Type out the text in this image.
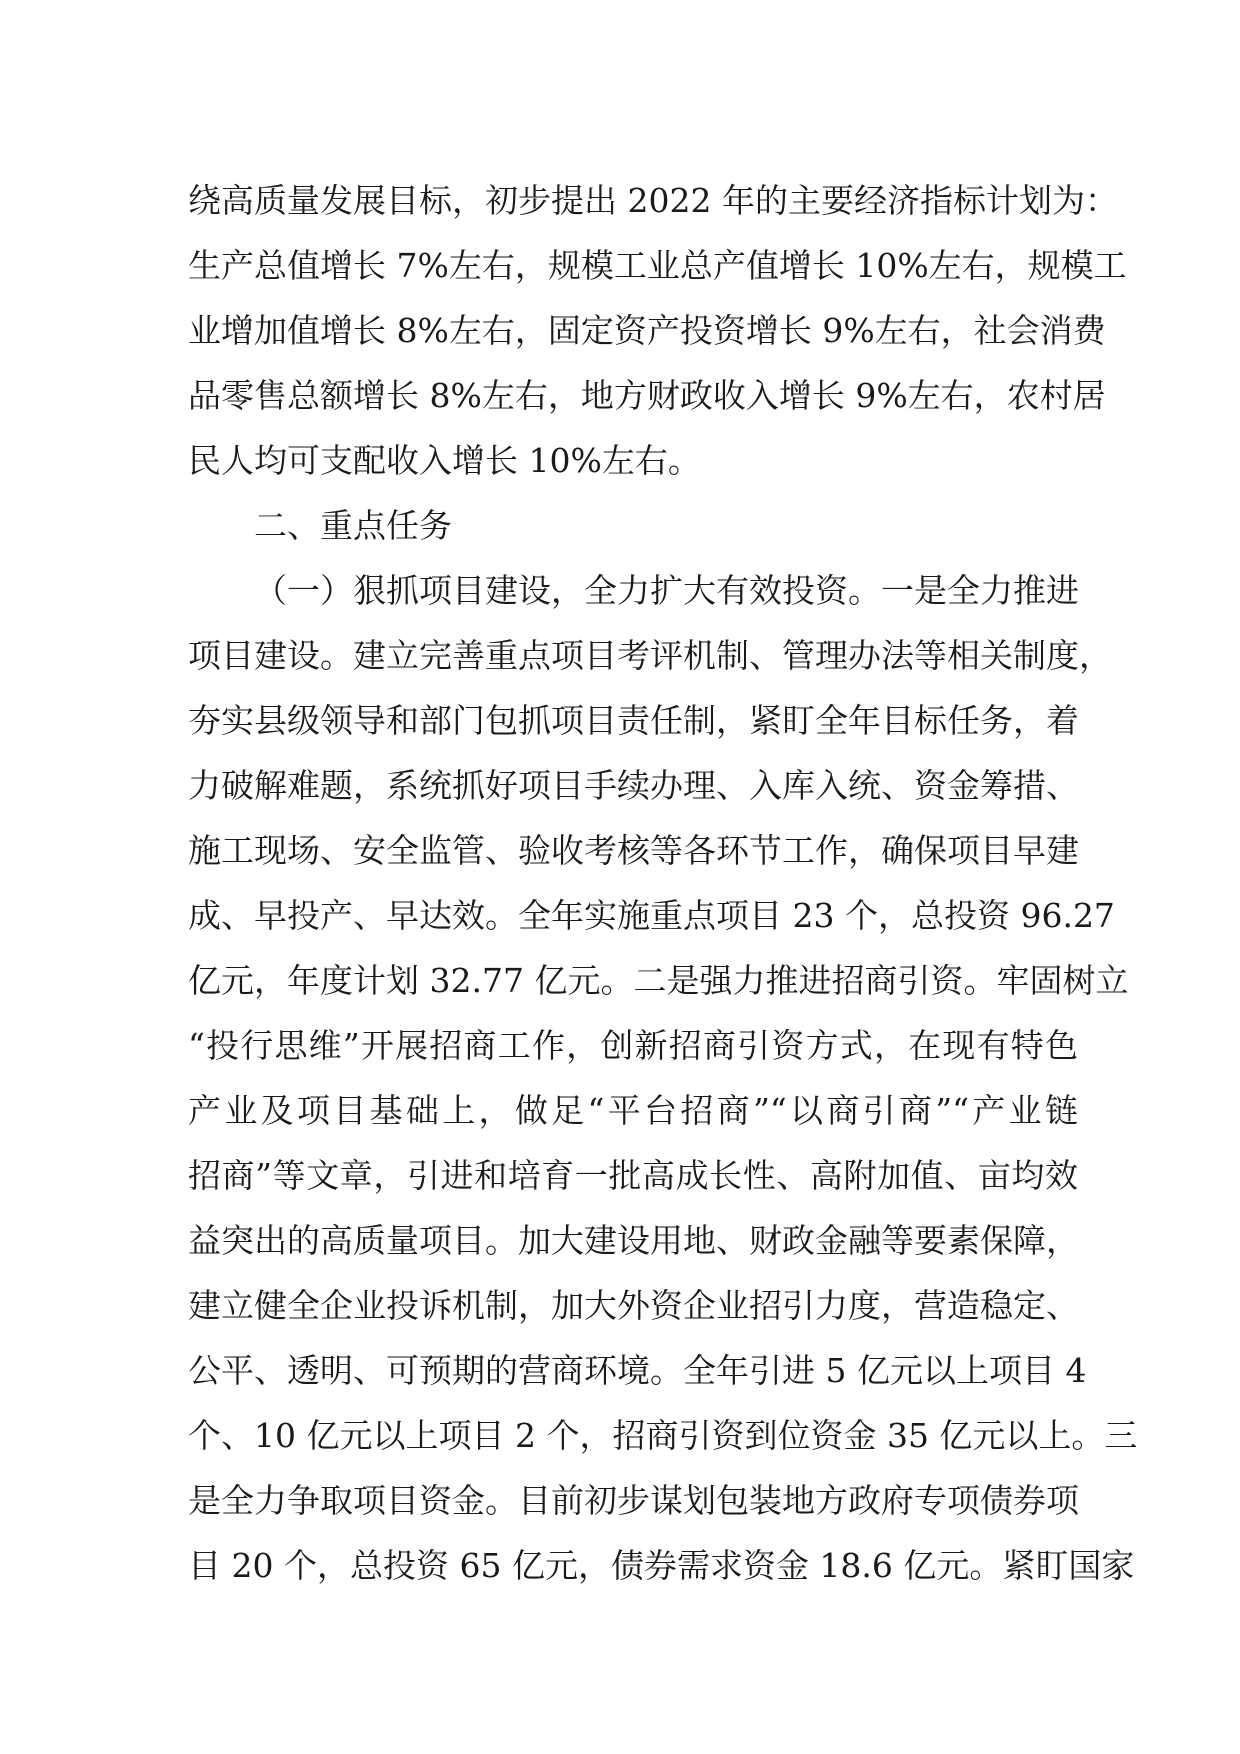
绕高质量发展目标，初步提出 2022 年的主要经济指标计划为：
生产总值增长 7%左右，规模工业总产值增长 10%左右，规模工
业增加值增长 8%左右，固定资产投资增长 9%左右，社会消费
品零售总额增长 8%左右，地方财政收入增长 9%左右，农村居
民人均可支配收入增长 10%左右。
二、重点任务
（一）狠抓项目建设，全力扩大有效投资。一是全力推进
项目建设。建立完善重点项目考评机制、管理办法等相关制度，
夯实县级领导和部门包抓项目责任制，紧盯全年目标任务，着
力破解难题，系统抓好项目手续办理、入库入统、资金筹措、
施工现场、安全监管、验收考核等各环节工作，确保项目早建
成、早投产、早达效。全年实施重点项目 23 个，总投资 96.27
亿元，年度计划 32.77 亿元。二是强力推进招商引资。牢固树立
“投行思维”开展招商工作，创新招商引资方式，在现有特色
产业及项目基础上，做足“平台招商”“以商引商”“产业链
招商”等文章，引进和培育一批高成长性、高附加值、亩均效
益突出的高质量项目。加大建设用地、财政金融等要素保障，
建立健全企业投诉机制，加大外资企业招引力度，营造稳定、
公平、透明、可预期的营商环境。全年引进 5 亿元以上项目 4
个、10 亿元以上项目 2 个，招商引资到位资金 35 亿元以上。三
是全力争取项目资金。目前初步谋划包装地方政府专项债券项
目 20 个，总投资 65 亿元，债券需求资金 18.6 亿元。紧盯国家
